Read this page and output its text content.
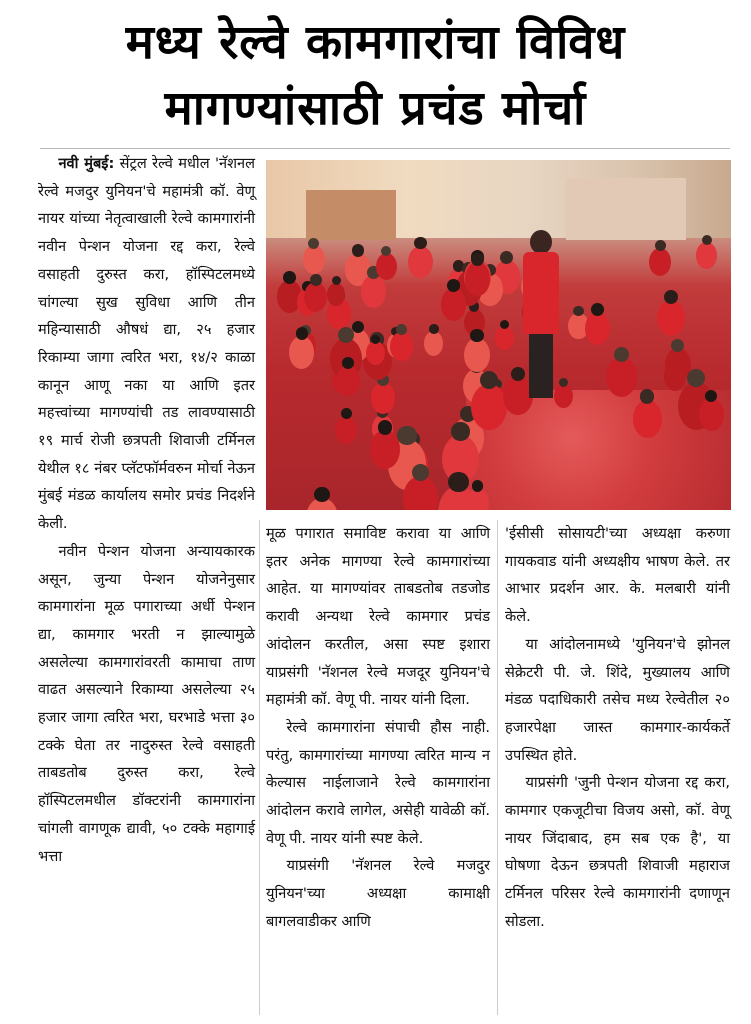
मध्य रेल्वे कामगारांचा विविध
मागण्यांसाठी प्रचंड मोर्चा

नवी मुंबई: सेंट्रल रेल्वे मधील 'नॅशनल रेल्वे मजदुर युनियन'चे महामंत्री कॉ. वेणू नायर यांच्या नेतृत्वाखाली रेल्वे कामगारांनी नवीन पेन्शन योजना रद्द करा, रेल्वे वसाहती दुरुस्त करा, हॉस्पिटलमध्ये चांगल्या सुख सुविधा आणि तीन महिन्यासाठी औषधं द्या, २५ हजार रिकाम्या जागा त्वरित भरा, १४/२ काळा कानून आणू नका या आणि इतर महत्त्वांच्या मागण्यांची तड लावण्यासाठी १९ मार्च रोजी छत्रपती शिवाजी टर्मिनल येथील १८ नंबर प्लॅटफॉर्मवरुन मोर्चा नेऊन मुंबई मंडळ कार्यालय समोर प्रचंड निदर्शने केली.

नवीन पेन्शन योजना अन्यायकारक असून, जुन्या पेन्शन योजनेनुसार कामगारांना मूळ पगाराच्या अर्धी पेन्शन द्या, कामगार भरती न झाल्यामुळे असलेल्या कामगारांवरती कामाचा ताण वाढत असल्याने रिकाम्या असलेल्या २५ हजार जागा त्वरित भरा, घरभाडे भत्ता ३० टक्के घेता तर नादुरुस्त रेल्वे वसाहती ताबडतोब दुरुस्त करा, रेल्वे हॉस्पिटलमधील डॉक्टरांनी कामगारांना चांगली वागणूक द्यावी, ५० टक्के महागाई भत्ता

मूळ पगारात समाविष्ट करावा या आणि इतर अनेक मागण्या रेल्वे कामगारांच्या आहेत. या मागण्यांवर ताबडतोब तडजोड करावी अन्यथा रेल्वे कामगार प्रचंड आंदोलन करतील, असा स्पष्ट इशारा याप्रसंगी 'नॅशनल रेल्वे मजदूर युनियन'चे महामंत्री कॉ. वेणू पी. नायर यांनी दिला.

रेल्वे कामगारांना संपाची हौस नाही. परंतु, कामगारांच्या मागण्या त्वरित मान्य न केल्यास नाईलाजाने रेल्वे कामगारांना आंदोलन करावे लागेल, असेही यावेळी कॉ. वेणू पी. नायर यांनी स्पष्ट केले.

याप्रसंगी 'नॅशनल रेल्वे मजदुर युनियन'च्या अध्यक्षा कामाक्षी बागलवाडीकर आणि

'ईसीसी सोसायटी'च्या अध्यक्षा करुणा गायकवाड यांनी अध्यक्षीय भाषण केले. तर आभार प्रदर्शन आर. के. मलबारी यांनी केले.

या आंदोलनामध्ये 'युनियन'चे झोनल सेक्रेटरी पी. जे. शिंदे, मुख्यालय आणि मंडळ पदाधिकारी तसेच मध्य रेल्वेतील २० हजारपेक्षा जास्त कामगार-कार्यकर्ते उपस्थित होते.

याप्रसंगी 'जुनी पेन्शन योजना रद्द करा, कामगार एकजूटीचा विजय असो, कॉ. वेणू नायर जिंदाबाद, हम सब एक है', या घोषणा देऊन छत्रपती शिवाजी महाराज टर्मिनल परिसर रेल्वे कामगारांनी दणाणून सोडला.
